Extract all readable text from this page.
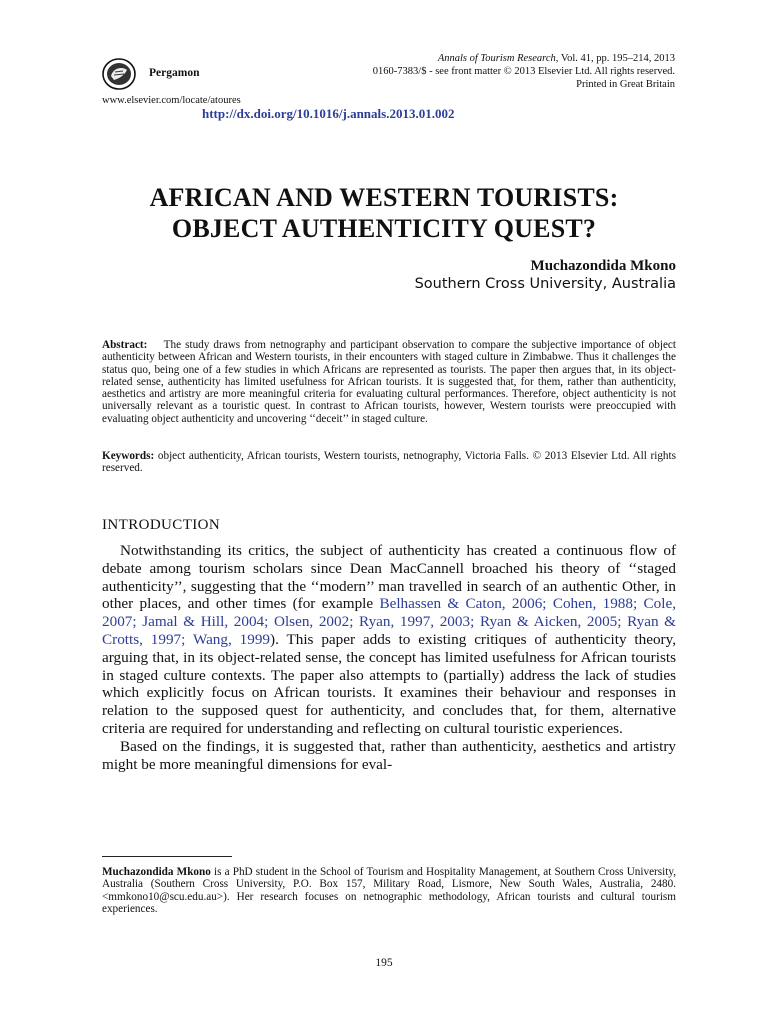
Pergamon
Annals of Tourism Research, Vol. 41, pp. 195–214, 2013
0160-7383/$ - see front matter © 2013 Elsevier Ltd. All rights reserved.
Printed in Great Britain
www.elsevier.com/locate/atoures
http://dx.doi.org/10.1016/j.annals.2013.01.002
AFRICAN AND WESTERN TOURISTS:
OBJECT AUTHENTICITY QUEST?
Muchazondida Mkono
Southern Cross University, Australia
Abstract: The study draws from netnography and participant observation to compare the subjective importance of object authenticity between African and Western tourists, in their encounters with staged culture in Zimbabwe. Thus it challenges the status quo, being one of a few studies in which Africans are represented as tourists. The paper then argues that, in its object-related sense, authenticity has limited usefulness for African tourists. It is suggested that, for them, rather than authenticity, aesthetics and artistry are more meaningful criteria for evaluating cultural performances. Therefore, object authenticity is not universally relevant as a touristic quest. In contrast to African tourists, however, Western tourists were preoccupied with evaluating object authenticity and uncovering ‘‘deceit’’ in staged culture.
Keywords: object authenticity, African tourists, Western tourists, netnography, Victoria Falls. © 2013 Elsevier Ltd. All rights reserved.
INTRODUCTION

Notwithstanding its critics, the subject of authenticity has created a continuous flow of debate among tourism scholars since Dean MacCannell broached his theory of ‘‘staged authenticity’’, suggesting that the ‘‘modern’’ man travelled in search of an authentic Other, in other places, and other times (for example Belhassen & Caton, 2006; Cohen, 1988; Cole, 2007; Jamal & Hill, 2004; Olsen, 2002; Ryan, 1997, 2003; Ryan & Aicken, 2005; Ryan & Crotts, 1997; Wang, 1999). This paper adds to existing critiques of authenticity theory, arguing that, in its object-related sense, the concept has limited usefulness for African tourists in staged culture contexts. The paper also attempts to (partially) address the lack of studies which explicitly focus on African tourists. It examines their behaviour and responses in relation to the supposed quest for authenticity, and concludes that, for them, alternative criteria are required for understanding and reflecting on cultural touristic experiences.

Based on the findings, it is suggested that, rather than authenticity, aesthetics and artistry might be more meaningful dimensions for eval-

Muchazondida Mkono is a PhD student in the School of Tourism and Hospitality Management, at Southern Cross University, Australia (Southern Cross University, P.O. Box 157, Military Road, Lismore, New South Wales, Australia, 2480. <mmkono10@scu.edu.au>). Her research focuses on netnographic methodology, African tourists and cultural tourism experiences.
195
